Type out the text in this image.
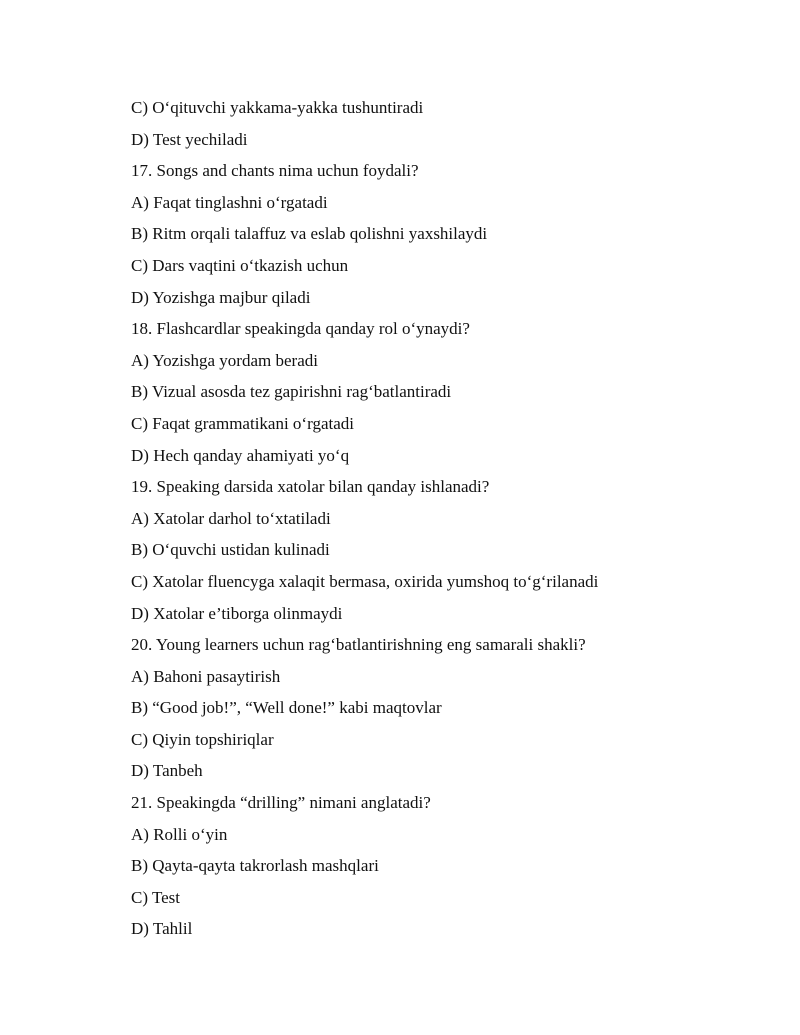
C) O‘qituvchi yakkama-yakka tushuntiradi
D) Test yechiladi
17. Songs and chants nima uchun foydali?
A) Faqat tinglashni o‘rgatadi
B) Ritm orqali talaffuz va eslab qolishni yaxshilaydi
C) Dars vaqtini o‘tkazish uchun
D) Yozishga majbur qiladi
18. Flashcardlar speakingda qanday rol o‘ynaydi?
A) Yozishga yordam beradi
B) Vizual asosda tez gapirishni rag‘batlantiradi
C) Faqat grammatikani o‘rgatadi
D) Hech qanday ahamiyati yo‘q
19. Speaking darsida xatolar bilan qanday ishlanadi?
A) Xatolar darhol to‘xtatiladi
B) O‘quvchi ustidan kulinadi
C) Xatolar fluencyga xalaqit bermasa, oxirida yumshoq to‘g‘rilanadi
D) Xatolar e’tiborga olinmaydi
20. Young learners uchun rag‘batlantirishning eng samarali shakli?
A) Bahoni pasaytirish
B) “Good job!”, “Well done!” kabi maqtovlar
C) Qiyin topshiriqlar
D) Tanbeh
21. Speakingda “drilling” nimani anglatadi?
A) Rolli o‘yin
B) Qayta-qayta takrorlash mashqlari
C) Test
D) Tahlil
